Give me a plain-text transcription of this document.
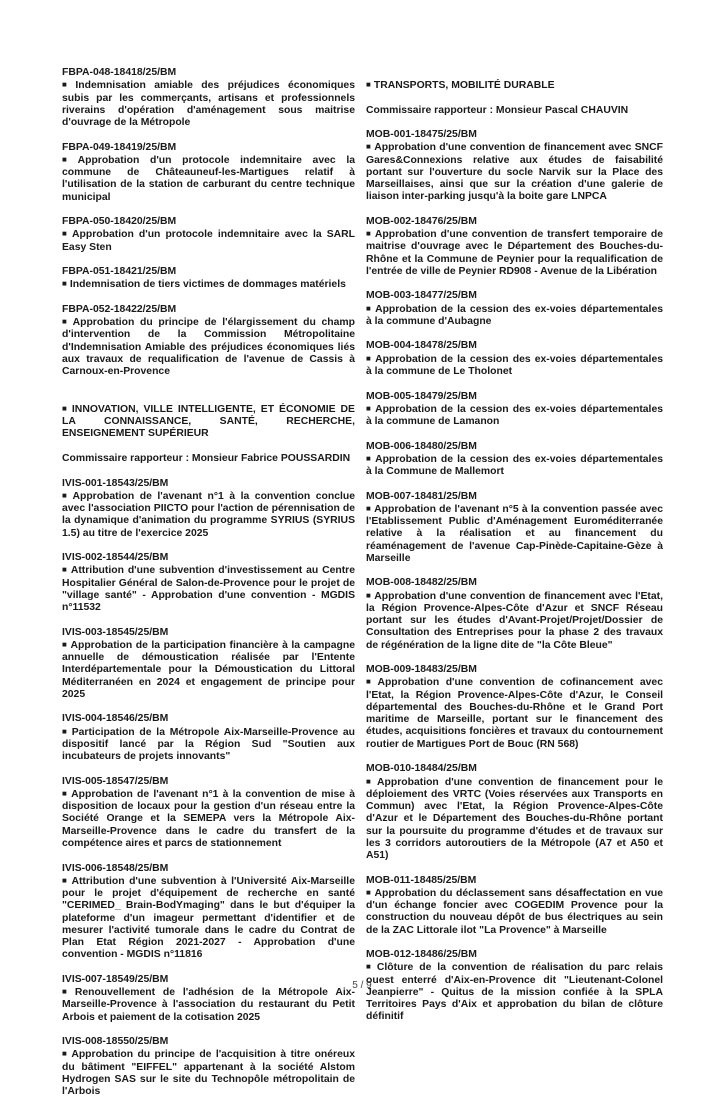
FBPA-048-18418/25/BM
■ Indemnisation amiable des préjudices économiques subis par les commerçants, artisans et professionnels riverains d'opération d'aménagement sous maitrise d'ouvrage de la Métropole
FBPA-049-18419/25/BM
■ Approbation d'un protocole indemnitaire avec la commune de Châteauneuf-les-Martigues relatif à l'utilisation de la station de carburant du centre technique municipal
FBPA-050-18420/25/BM
■ Approbation d'un protocole indemnitaire avec la SARL Easy Sten
FBPA-051-18421/25/BM
■ Indemnisation de tiers victimes de dommages matériels
FBPA-052-18422/25/BM
■ Approbation du principe de l'élargissement du champ d'intervention de la Commission Métropolitaine d'Indemnisation Amiable des préjudices économiques liés aux travaux de requalification de l'avenue de Cassis à Carnoux-en-Provence
■ INNOVATION, VILLE INTELLIGENTE, ET ÉCONOMIE DE LA CONNAISSANCE, SANTÉ, RECHERCHE, ENSEIGNEMENT SUPÉRIEUR
Commissaire rapporteur : Monsieur Fabrice POUSSARDIN
IVIS-001-18543/25/BM
■ Approbation de l'avenant n°1 à la convention conclue avec l'association PIICTO pour l'action de pérennisation de la dynamique d'animation du programme SYRIUS (SYRIUS 1.5) au titre de l'exercice 2025
IVIS-002-18544/25/BM
■ Attribution d'une subvention d'investissement au Centre Hospitalier Général de Salon-de-Provence pour le projet de "village santé" - Approbation d'une convention - MGDIS n°11532
IVIS-003-18545/25/BM
■ Approbation de la participation financière à la campagne annuelle de démoustication réalisée par l'Entente Interdépartementale pour la Démoustication du Littoral Méditerranéen en 2024 et engagement de principe pour 2025
IVIS-004-18546/25/BM
■ Participation de la Métropole Aix-Marseille-Provence au dispositif lancé par la Région Sud "Soutien aux incubateurs de projets innovants"
IVIS-005-18547/25/BM
■ Approbation de l'avenant n°1 à la convention de mise à disposition de locaux pour la gestion d'un réseau entre la Société Orange et la SEMEPA vers la Métropole Aix-Marseille-Provence dans le cadre du transfert de la compétence aires et parcs de stationnement
IVIS-006-18548/25/BM
■ Attribution d'une subvention à l'Université Aix-Marseille pour le projet d'équipement de recherche en santé "CERIMED_ Brain-BodYmaging" dans le but d'équiper la plateforme d'un imageur permettant d'identifier et de mesurer l'activité tumorale dans le cadre du Contrat de Plan Etat Région 2021-2027 - Approbation d'une convention - MGDIS n°11816
IVIS-007-18549/25/BM
■ Renouvellement de l'adhésion de la Métropole Aix-Marseille-Provence à l'association du restaurant du Petit Arbois et paiement de la cotisation 2025
IVIS-008-18550/25/BM
■ Approbation du principe de l'acquisition à titre onéreux du bâtiment "EIFFEL" appartenant à la société Alstom Hydrogen SAS sur le site du Technopôle métropolitain de l'Arbois
■ TRANSPORTS, MOBILITÉ DURABLE
Commissaire rapporteur : Monsieur Pascal CHAUVIN
MOB-001-18475/25/BM
■ Approbation d'une convention de financement avec SNCF Gares&Connexions relative aux études de faisabilité portant sur l'ouverture du socle Narvik sur la Place des Marseillaises, ainsi que sur la création d'une galerie de liaison inter-parking jusqu'à la boite gare LNPCA
MOB-002-18476/25/BM
■ Approbation d'une convention de transfert temporaire de maitrise d'ouvrage avec le Département des Bouches-du-Rhône et la Commune de Peynier pour la requalification de l'entrée de ville de Peynier RD908 - Avenue de la Libération
MOB-003-18477/25/BM
■ Approbation de la cession des ex-voies départementales à la commune d'Aubagne
MOB-004-18478/25/BM
■ Approbation de la cession des ex-voies départementales à la commune de Le Tholonet
MOB-005-18479/25/BM
■ Approbation de la cession des ex-voies départementales à la commune de Lamanon
MOB-006-18480/25/BM
■ Approbation de la cession des ex-voies départementales à la Commune de Mallemort
MOB-007-18481/25/BM
■ Approbation de l'avenant n°5 à la convention passée avec l'Etablissement Public d'Aménagement Euroméditerranée relative à la réalisation et au financement du réaménagement de l'avenue Cap-Pinède-Capitaine-Gèze à Marseille
MOB-008-18482/25/BM
■ Approbation d'une convention de financement avec l'Etat, la Région Provence-Alpes-Côte d'Azur et SNCF Réseau portant sur les études d'Avant-Projet/Projet/Dossier de Consultation des Entreprises pour la phase 2 des travaux de régénération de la ligne dite de "la Côte Bleue"
MOB-009-18483/25/BM
■ Approbation d'une convention de cofinancement avec l'Etat, la Région Provence-Alpes-Côte d'Azur, le Conseil départemental des Bouches-du-Rhône et le Grand Port maritime de Marseille, portant sur le financement des études, acquisitions foncières et travaux du contournement routier de Martigues Port de Bouc (RN 568)
MOB-010-18484/25/BM
■ Approbation d'une convention de financement pour le déploiement des VRTC (Voies réservées aux Transports en Commun) avec l'Etat, la Région Provence-Alpes-Côte d'Azur et le Département des Bouches-du-Rhône portant sur la poursuite du programme d'études et de travaux sur les 3 corridors autoroutiers de la Métropole (A7 et A50 et A51)
MOB-011-18485/25/BM
■ Approbation du déclassement sans désaffectation en vue d'un échange foncier avec COGEDIM Provence pour la construction du nouveau dépôt de bus électriques au sein de la ZAC Littorale ilot "La Provence" à Marseille
MOB-012-18486/25/BM
■ Clôture de la convention de réalisation du parc relais ouest enterré d'Aix-en-Provence dit "Lieutenant-Colonel Jeanpierre" - Quitus de la mission confiée à la SPLA Territoires Pays d'Aix et approbation du bilan de clôture définitif
5 / 9
